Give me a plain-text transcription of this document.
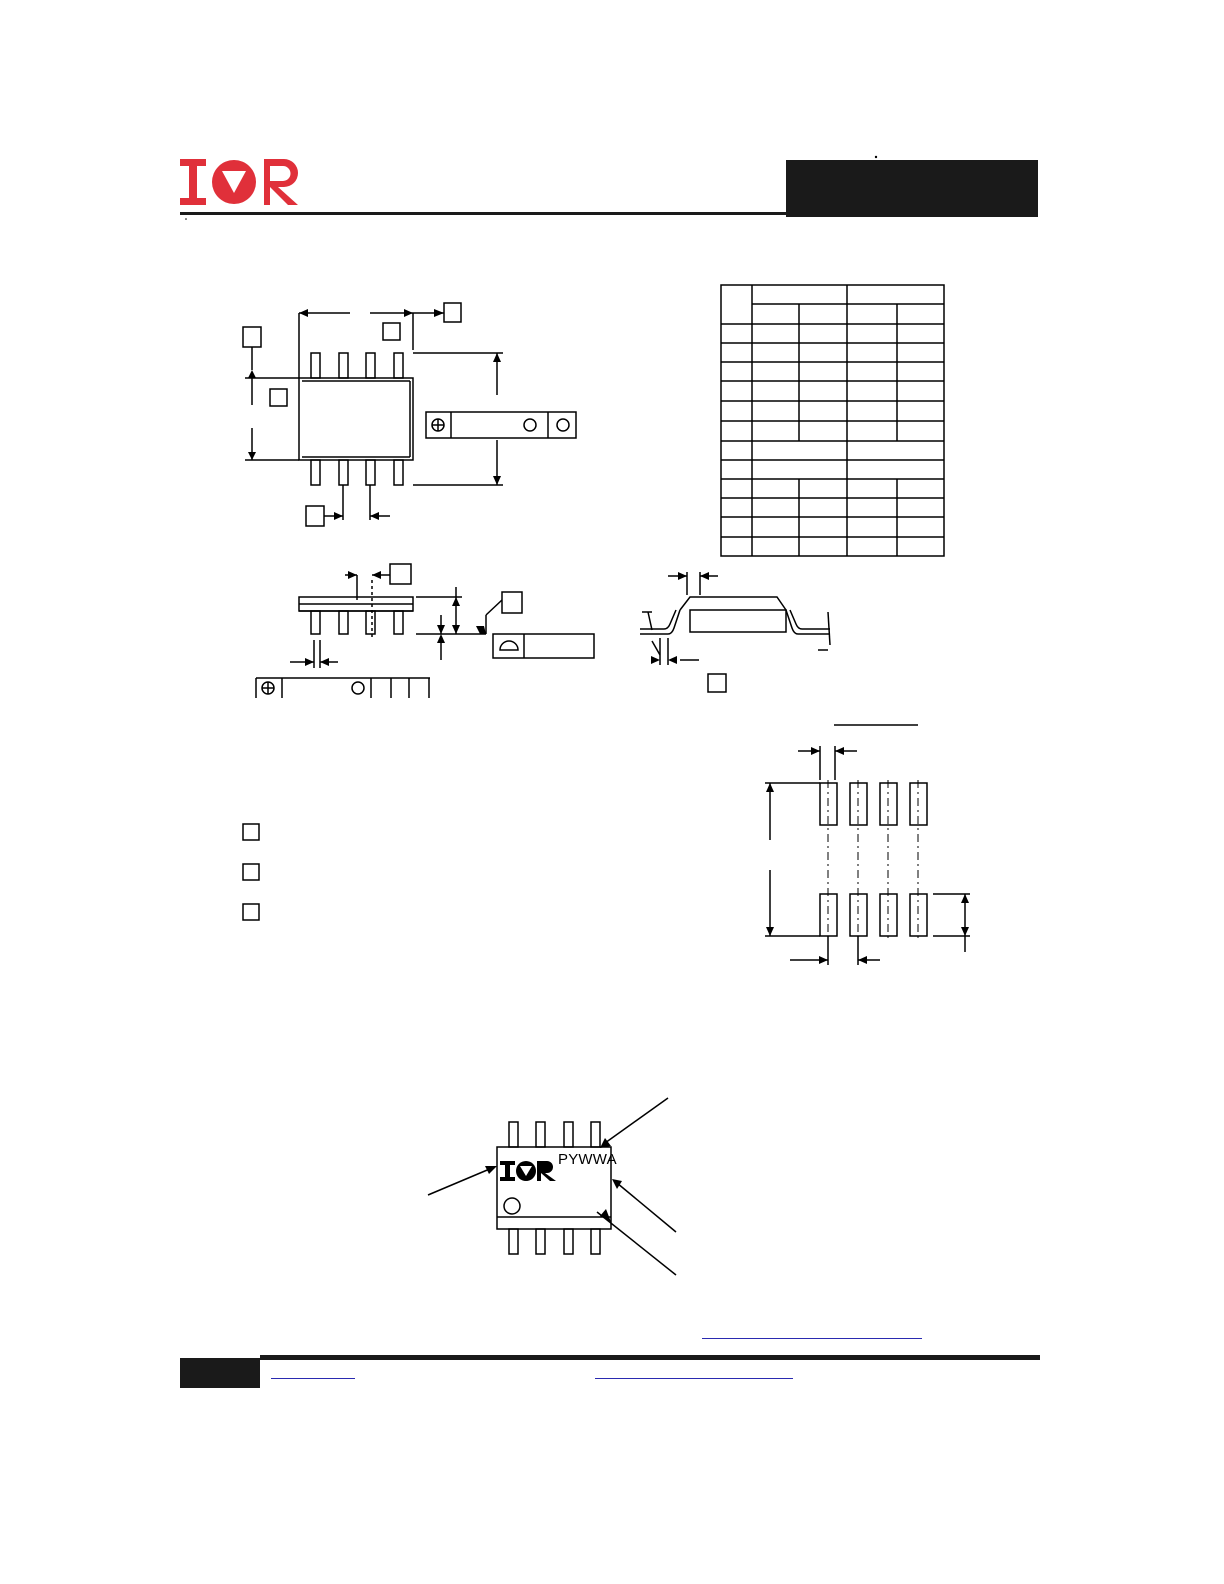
PYWWA
